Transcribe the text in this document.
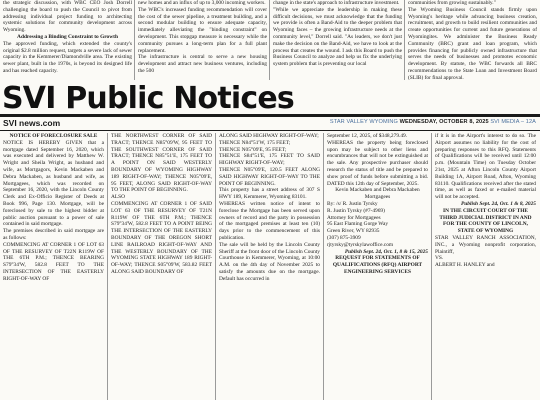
SVI Public Notices
SVI news.com	STAR VALLEY WYOMING WEDNESDAY, OCTOBER 8, 2025 SVI MEDIA – 12A

the strategic discussion, with WBC CEO Josh Dorrell challenging the board to push the Council to pivot from addressing individual project funding to architecting systemic solutions for community development across Wyoming.

Addressing a Binding Constraint to Growth

The approved funding, which extended the county's original $2.8 million request, targets a severe lack of sewer capacity in the Kemmerer/Diamondville area. The existing sewer plant, built in the 1970s, is beyond its designed life and has reached capacity.

new homes and an influx of up to 3,000 incoming workers.

The WBC's increased funding recommendation will cover the cost of the sewer pipeline, a treatment building, and a second modular building to ensure adequate capacity, immediately alleviating the "binding constraint" on development. This stopgap measure is necessary while the community pursues a long-term plan for a full plant replacement.

The infrastructure is central to serve a new housing development and attract new business ventures, including the 500

change in the state's approach to infrastructure investment.

"While we appreciate the leadership in making these difficult decisions, we must acknowledge that the funding we provide is often a Band-Aid to the deeper problem that Wyoming faces – the growing infrastructure needs at the community level," Dorrell said. "As leaders, we don't just make the decision on the Band-Aid, we have to look at the process that creates the wound. I ask this Board to push the Business Council to analyze and help us fix the underlying system problem that is preventing our local

communities from growing sustainably."

The Wyoming Business Council stands firmly upon Wyoming's heritage while advancing business creation, recruitment, and growth to build resilient communities and create opportunities for current and future generations of Wyomingites. We administer the Business Ready Community (BRC) grant and loan program, which provides financing for publicly owned infrastructure that serves the needs of businesses and promotes economic development. By statute, the WBC forwards all BRC recommendations to the State Loan and Investment Board (SLIB) for final approval.

NOTICE OF FORECLOSURE SALE

NOTICE IS HEREBY GIVEN that a mortgage dated September 16, 2020, which was executed and delivered by Matthew W. Wright and Sheila Wright, as husband and wife, as Mortgagors, Kevin Mackaben and Debra Mackaben, as husband and wife, as Mortgagees, which was recorded on September 16, 2020, with the Lincoln County Clerk and Ex-Officio Register of Deeds at Book 996, Page 130. Mortgage, will be foreclosed by sale to the highest bidder at public auction pursuant to a power of sale contained in said mortgage.

The premises described in said mortgage are as follows:

COMMENCING AT CORNER 1 OF LOT 63 OF THE RESURVEY OF T22N R119W OF THE 6TH P.M.; THENCE BEARING S79°34'W, 582.8 FEET TO THE INTERSECTION OF THE EASTERLY RIGHT-OF-WAY OF

THE NORTHWEST CORNER OF SAID TRACT; THENCE N85°09'W, 95 FEET TO THE SOUTHWEST CORNER OF SAID TRACT; THENCE N85°51'E, 175 FEET TO A POINT ON SAID WESTERLY BOUNDARY OF WYOMING HIGHWAY 189 RIGHT-OF-WAY; THENCE N05°09'E, 95 FEET, ALONG SAID RIGHT-OF-WAY TO THE POINT OF BEGINNING.

ALSO

COMMENCING AT CORNER 1 OF SAID LOT 63 OF THE RESURVEY OF T21N R119W OF THE 6TH P.M.; THENCE S79°34'W, 582.8 FEET TO A POINT BEING THE INTERSECTION OF THE EASTERLY BOUNDARY OF THE OREGON SHORT LINE RAILROAD RIGHT-OF-WAY AND THE WESTERLY BOUNDARY OF THE WYOMING STATE HIGHWAY 189 RIGHT-OF-WAY; THENCE S05°09'W, 583.82 FEET ALONG SAID BOUNDARY OF

ALONG SAID HIGHWAY RIGHT-OF-WAY;

THENCE N84°51'W, 175 FEET;

THENCE N05°09'E, 95 FEET;

THENCE S84°51'E, 175 FEET TO SAID HIGHWAY RIGHT-OF-WAY;

THENCE N05°09'E, 120.5 FEET ALONG SAID HIGHWAY RIGHT-OF-WAY TO THE POINT OF BEGINNING.

This property has a street address of 307 S HWY 189, Kemmerer, Wyoming 83101.

WHEREAS written notice of intent to foreclose the Mortgage has been served upon owners of record and the party in possession of the mortgaged premises at least ten (10) days prior to the commencement of this publication.

The sale will be held by the Lincoln County Sheriff at the front door of the Lincoln County Courthouse in Kemmerer, Wyoming, at 10:00 A.M. on the 4th day of November 2025 to satisfy the amounts due on the mortgage. Default has occurred in

September 12, 2025, of $348,279.49.

WHEREAS the property being foreclosed upon may be subject to other liens and encumbrances that will not be extinguished at the sale. Any prospective purchaser should research the status of title and be prepared to show proof of funds before submitting a bid. DATED this 12th day of September, 2025.

Kevin Mackaben and Debra Mackaben

Mortgagees

By: /s/ R. Justin Tyrsky

R. Justin Tyrsky (#7-4969)

Attorney for Mortgagees

95 East Flaming Gorge Way

Green River, WY 82935

(307) 875-3909

rjtyrsky@tyrskylawoffice.com

Publish Sept. 24, Oct. 1, 8 & 15, 2025

REQUEST FOR STATEMENTS OF QUALIFICATIONS (RFQ) AIRPORT ENGINEERING SERVICES

if it is in the Airport's interest to do so. The Airport assumes no liability for the cost of preparing responses to this RFQ. Statements of Qualifications will be received until 12:00 p.m. (Mountain Time) on Tuesday October 21st, 2025 at Afton Lincoln County Airport Building 1A, Airport Road, Afton, Wyoming 83110. Qualifications received after the stated time, as well as faxed or e-mailed material will not be accepted.

Publish Sept. 24, Oct. 1 & 8, 2025

IN THE CIRCUIT COURT OF THE THIRD JUDICIAL DISTRICT IN AND FOR THE COUNTY OF LINCOLN, STATE OF WYOMING

STAR VALLEY RANCH ASSOCIATION, INC., a Wyoming nonprofit corporation, Plaintiff,

VS.

ALBERT H. HANLEY and
